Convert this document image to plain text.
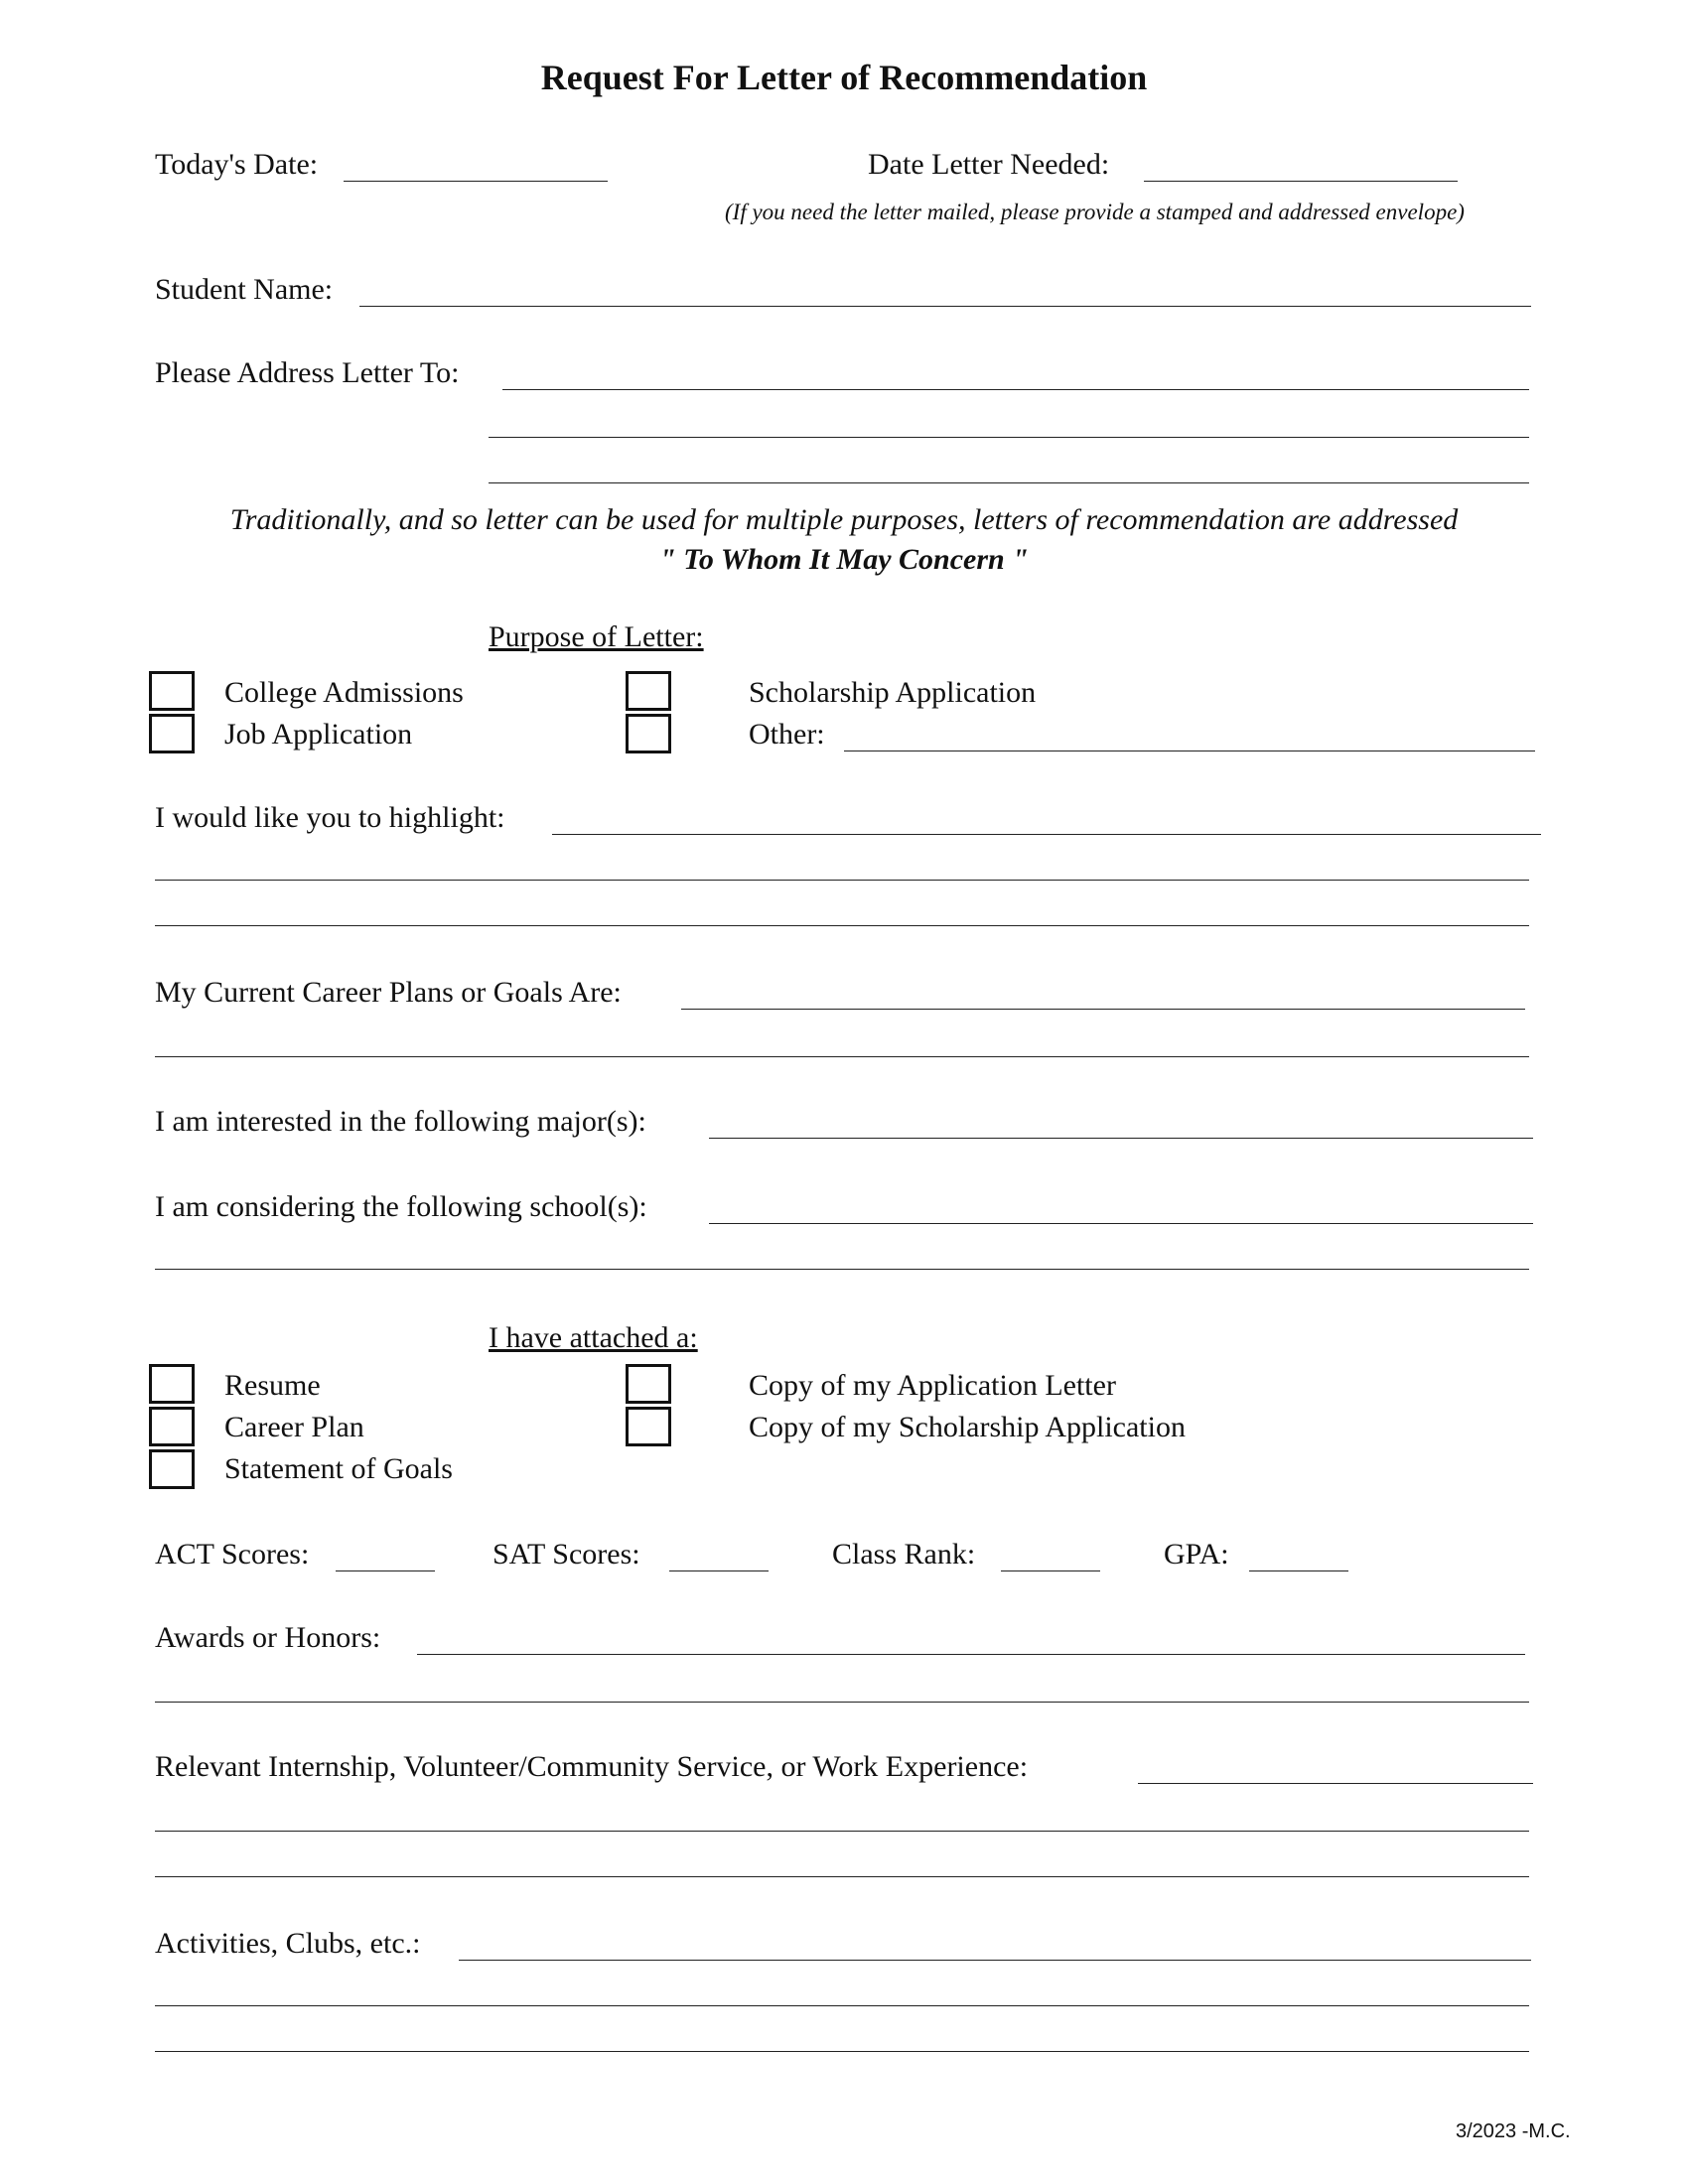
Request For Letter of Recommendation
Today's Date:	Date Letter Needed:
(If you need the letter mailed, please provide a stamped and addressed envelope)
Student Name:
Please Address Letter To:
Traditionally, and so letter can be used for multiple purposes, letters of recommendation are addressed
" To Whom It May Concern "
Purpose of Letter:
College Admissions
Job Application
Scholarship Application
Other:
I would like you to highlight:
My Current Career Plans or Goals Are:
I am interested in the following major(s):
I am considering the following school(s):
I have attached a:
Resume
Career Plan
Statement of Goals
Copy of my Application Letter
Copy of my Scholarship Application
ACT Scores:	SAT Scores:	Class Rank:	GPA:
Awards or Honors:
Relevant Internship, Volunteer/Community Service, or Work Experience:
Activities, Clubs, etc.:
3/2023 -M.C.
